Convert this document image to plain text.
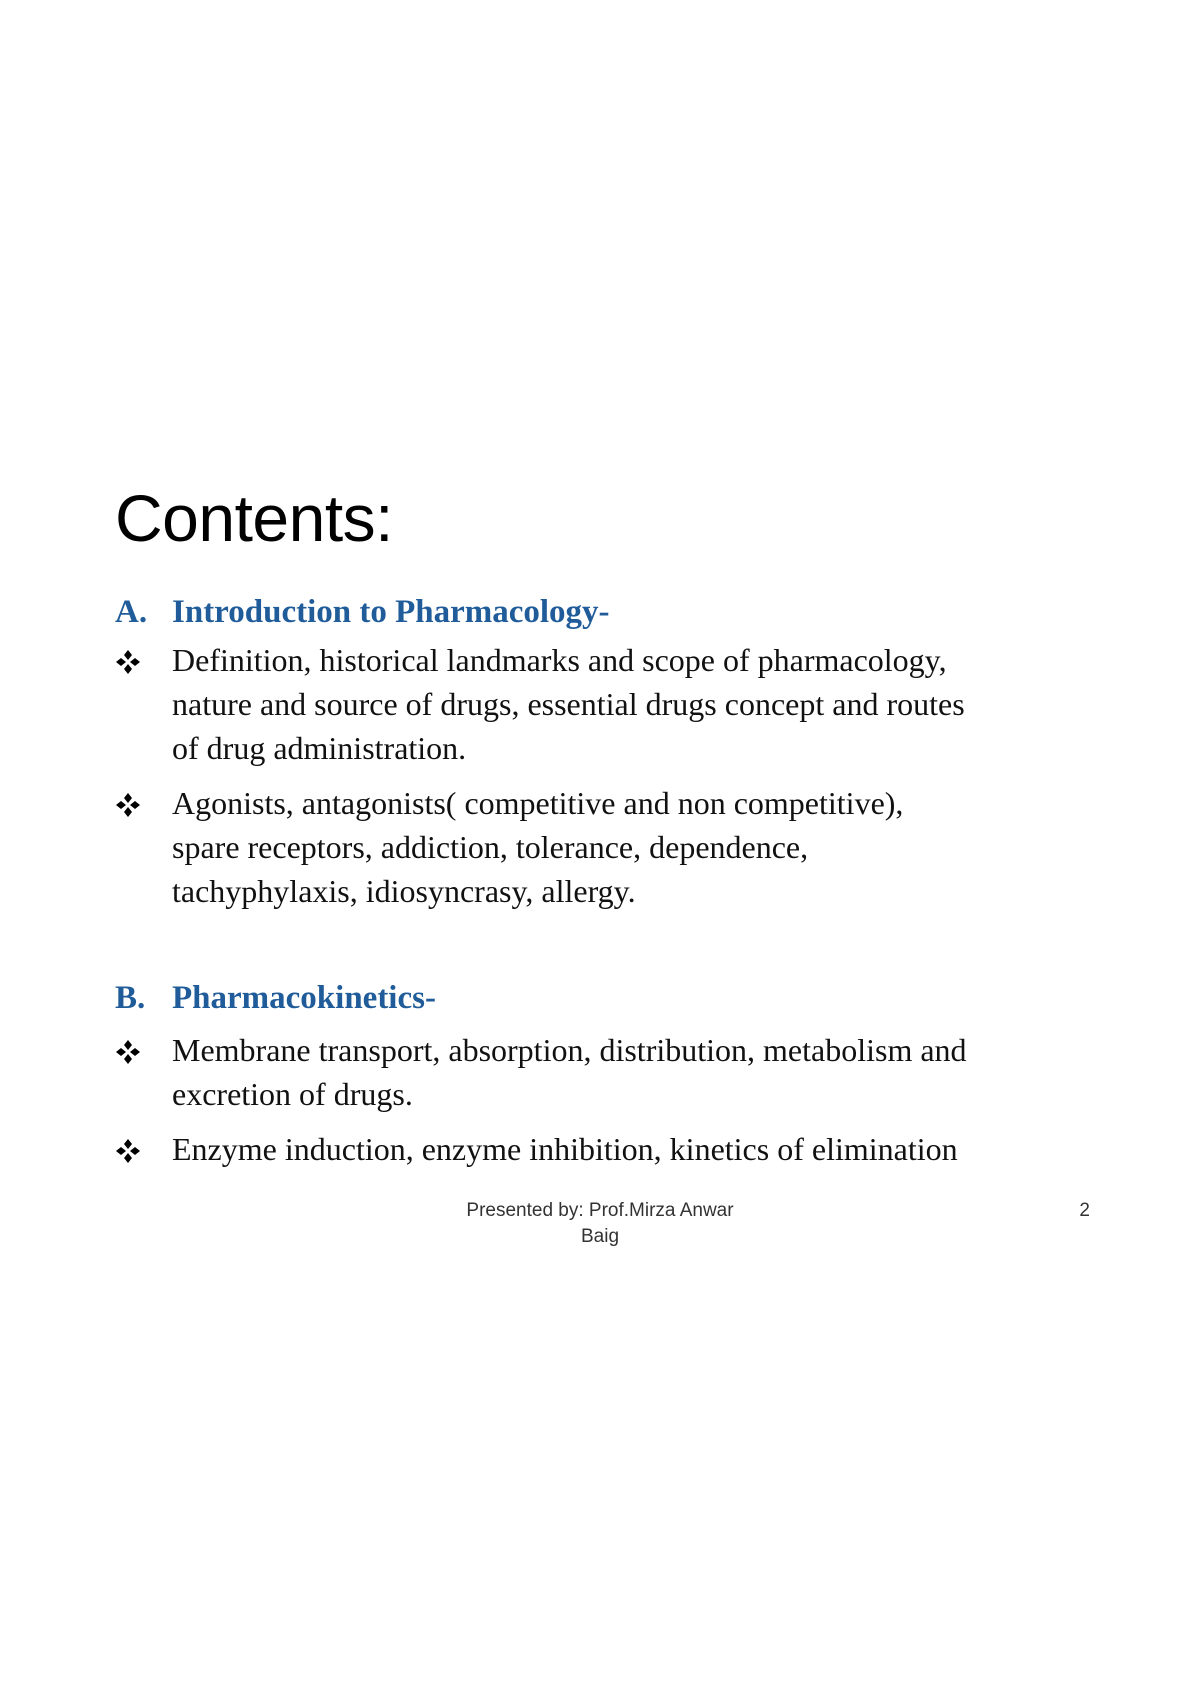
Contents:
A. Introduction to Pharmacology-

Definition, historical landmarks and scope of pharmacology,
nature and source of drugs, essential drugs concept and routes
of drug administration.

Agonists, antagonists( competitive and non competitive),
spare receptors, addiction, tolerance, dependence,
tachyphylaxis, idiosyncrasy, allergy.

B. Pharmacokinetics-

Membrane transport, absorption, distribution, metabolism and
excretion of drugs.

Enzyme induction, enzyme inhibition, kinetics of elimination

Presented by: Prof.Mirza Anwar
Baig

2
